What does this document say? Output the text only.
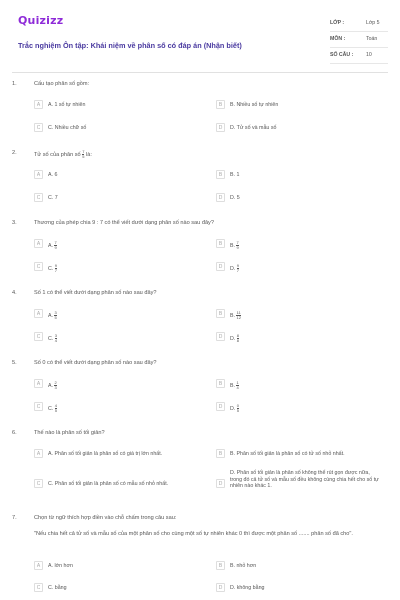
Quizizz
Trắc nghiệm Ôn tập: Khái niệm về phân số có đáp án (Nhận biết)
LỚP :	Lớp 5
MÔN :	Toán
SỐ CÂU : 10
1.	Cấu tạo phân số gồm:
A	A. 1 số tự nhiên	B	B. Nhiều số tự nhiên
C	C. Nhiều chữ số	D	D. Tử số và mẫu số
2.	Tử số của phân số $\frac{7}{5}$ là:
A	A. 6	B	B. 1
C	C. 7	D	D. 5
3.	Thương của phép chia 9 : 7 có thể viết dưới dạng phân số nào sau đây?
A	A. $\frac{7}{9}$	B	B. $\frac{7}{9}$
C	C. $\frac{9}{7}$	D	D. $\frac{9}{7}$
4.	Số 1 có thể viết dưới dạng phân số nào sau đây?
A	A. $\frac{3}{5}$	B	B. $\frac{11}{12}$
C	C. $\frac{3}{4}$	D	D. $\frac{8}{8}$
5.	Số 0 có thể viết dưới dạng phân số nào sau đây?
A	A. $\frac{2}{3}$	B	B. $\frac{1}{4}$
C	C. $\frac{4}{5}$	D	D. $\frac{0}{5}$
6.	Thế nào là phân số tối giản?
A	A. Phân số tối giản là phân số có giá trị lớn nhất.	B	B. Phân số tối giản là phân số có tử số nhỏ nhất.
C	C. Phân số tối giản là phân số có mẫu số nhỏ nhất.	D
D. Phân số tối giản là phân số không thể rút gọn được nữa, trong đó cả tử số và mẫu số đều không cùng chia hết cho số tự nhiên nào khác 1.
7.	Chọn từ ngữ thích hợp điền vào chỗ chấm trong câu sau:
"Nếu chia hết cả tử số và mẫu số của một phân số cho cùng một số tự nhiên khác 0 thì được một phân số ....... phân số đã cho".
A	A. lớn hơn	B	B. nhỏ hơn
C	C. bằng	D	D. không bằng
